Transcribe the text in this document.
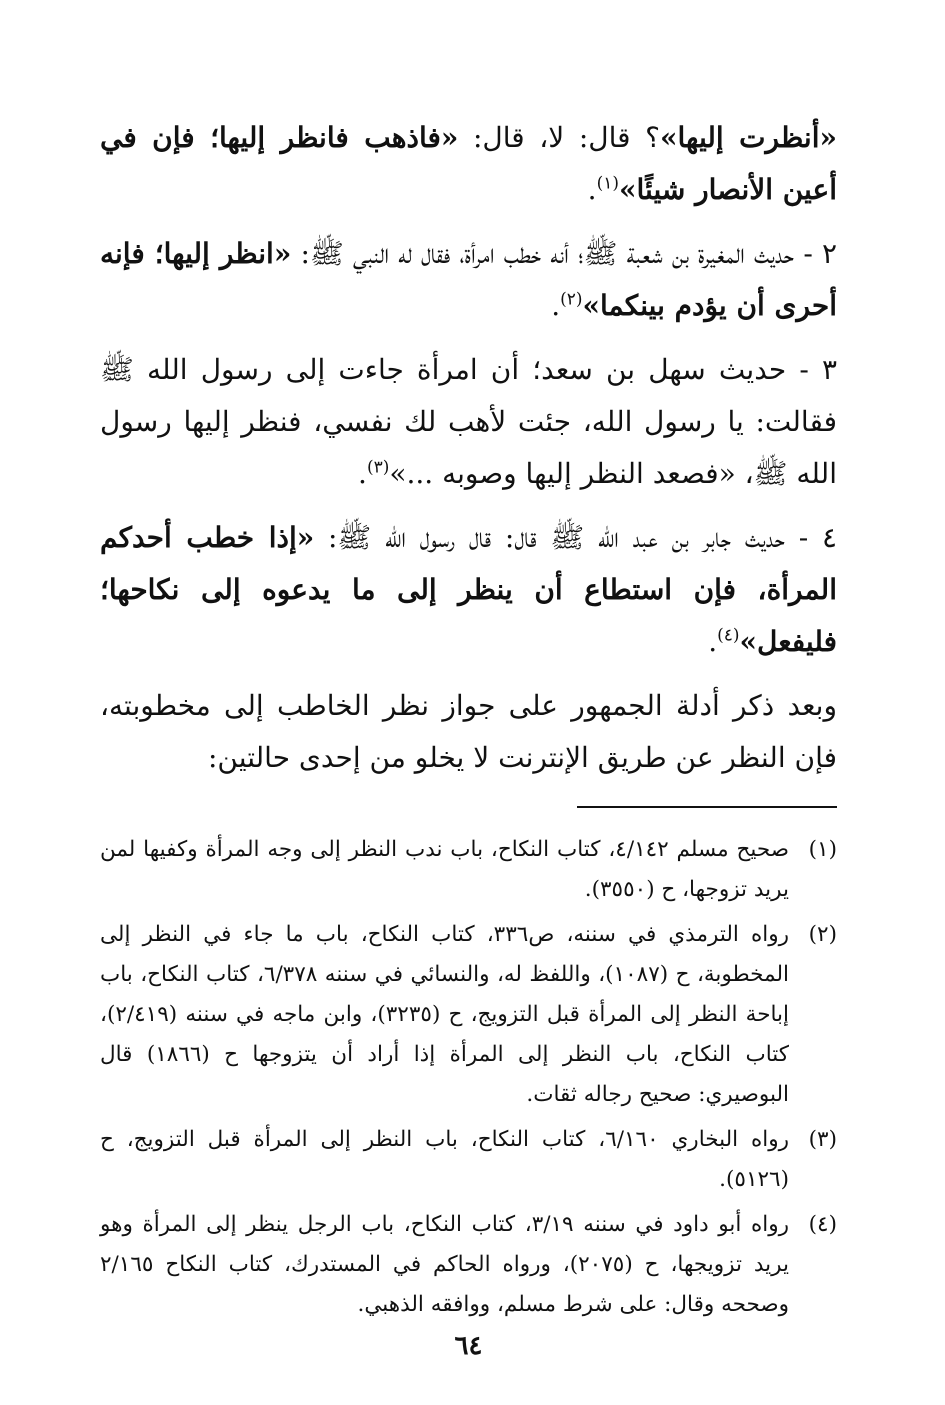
«أنظرت إليها»؟ قال: لا، قال: «فاذهب فانظر إليها؛ فإن في أعين الأنصار شيئًا»$^{(١)}$.

٢ - حديث المغيرة بن شعبة ﷺ؛ أنه خطب امرأة، فقال له النبي ﷺ: «انظر إليها؛ فإنه أحرى أن يؤدم بينكما»$^{(٢)}$.

٣ - حديث سهل بن سعد؛ أن امرأة جاءت إلى رسول الله ﷺ فقالت: يا رسول الله، جئت لأهب لك نفسي، فنظر إليها رسول الله ﷺ، «فصعد النظر إليها وصوبه ...»$^{(٣)}$.

٤ - حديث جابر بن عبد الله ﷺ قال: قال رسول الله ﷺ: «إذا خطب أحدكم المرأة، فإن استطاع أن ينظر إلى ما يدعوه إلى نكاحها؛ فليفعل»$^{(٤)}$.

وبعد ذكر أدلة الجمهور على جواز نظر الخاطب إلى مخطوبته، فإن النظر عن طريق الإنترنت لا يخلو من إحدى حالتين:

(١)
صحيح مسلم ٤/١٤٢، كتاب النكاح، باب ندب النظر إلى وجه المرأة وكفيها لمن يريد تزوجها، ح (٣٥٥٠).
(٢)
رواه الترمذي في سننه، ص٣٣٦، كتاب النكاح، باب ما جاء في النظر إلى المخطوبة، ح (١٠٨٧)، واللفظ له، والنسائي في سننه ٦/٣٧٨، كتاب النكاح، باب إباحة النظر إلى المرأة قبل التزويج، ح (٣٢٣٥)، وابن ماجه في سننه (٢/٤١٩)، كتاب النكاح، باب النظر إلى المرأة إذا أراد أن يتزوجها ح (١٨٦٦) قال البوصيري: صحيح رجاله ثقات.
(٣)
رواه البخاري ٦/١٦٠، كتاب النكاح، باب النظر إلى المرأة قبل التزويج، ح (٥١٢٦).
(٤)
رواه أبو داود في سننه ٣/١٩، كتاب النكاح، باب الرجل ينظر إلى المرأة وهو يريد تزويجها، ح (٢٠٧٥)، ورواه الحاكم في المستدرك، كتاب النكاح ٢/١٦٥ وصححه وقال: على شرط مسلم، ووافقه الذهبي.
٦٤
